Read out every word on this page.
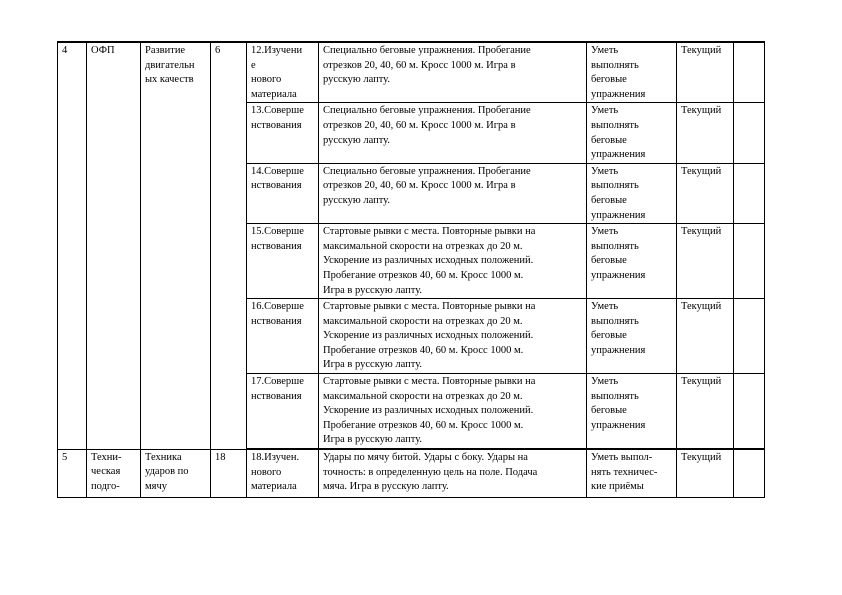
4	ОФП	Развитие
двигательн
ых качеств	6	12.Изучени
е
нового
материала	Специально беговые упражнения. Пробегание
отрезков 20, 40, 60 м. Кросс 1000 м. Игра в
русскую лапту.	Уметь
выполнять
беговые
упражнения	Текущий	

				13.Соверше
нствования	Специально беговые упражнения. Пробегание
отрезков 20, 40, 60 м. Кросс 1000 м. Игра в
русскую лапту.	Уметь
выполнять
беговые
упражнения	Текущий	

				14.Соверше
нствования	Специально беговые упражнения. Пробегание
отрезков 20, 40, 60 м. Кросс 1000 м. Игра в
русскую лапту.	Уметь
выполнять
беговые
упражнения	Текущий	

				15.Соверше
нствования	Стартовые рывки с места. Повторные рывки на
максимальной скорости на отрезках до 20 м.
Ускорение из различных исходных положений.
Пробегание отрезков 40, 60 м. Кросс 1000 м.
Игра в русскую лапту.	Уметь
выполнять
беговые
упражнения	Текущий	

				16.Соверше
нствования	Стартовые рывки с места. Повторные рывки на
максимальной скорости на отрезках до 20 м.
Ускорение из различных исходных положений.
Пробегание отрезков 40, 60 м. Кросс 1000 м.
Игра в русскую лапту.	Уметь
выполнять
беговые
упражнения	Текущий	

				17.Соверше
нствования	Стартовые рывки с места. Повторные рывки на
максимальной скорости на отрезках до 20 м.
Ускорение из различных исходных положений.
Пробегание отрезков 40, 60 м. Кросс 1000 м.
Игра в русскую лапту.	Уметь
выполнять
беговые
упражнения	Текущий	

5	Техни-
ческая
подго-	Техника
ударов по
мячу	18	18.Изучен.
нового
материала	Удары по мячу битой. Удары с боку. Удары на
точность: в определенную цель на поле. Подача
мяча. Игра в русскую лапту.	Уметь выпол-
нять техничес-
кие приёмы	Текущий	
